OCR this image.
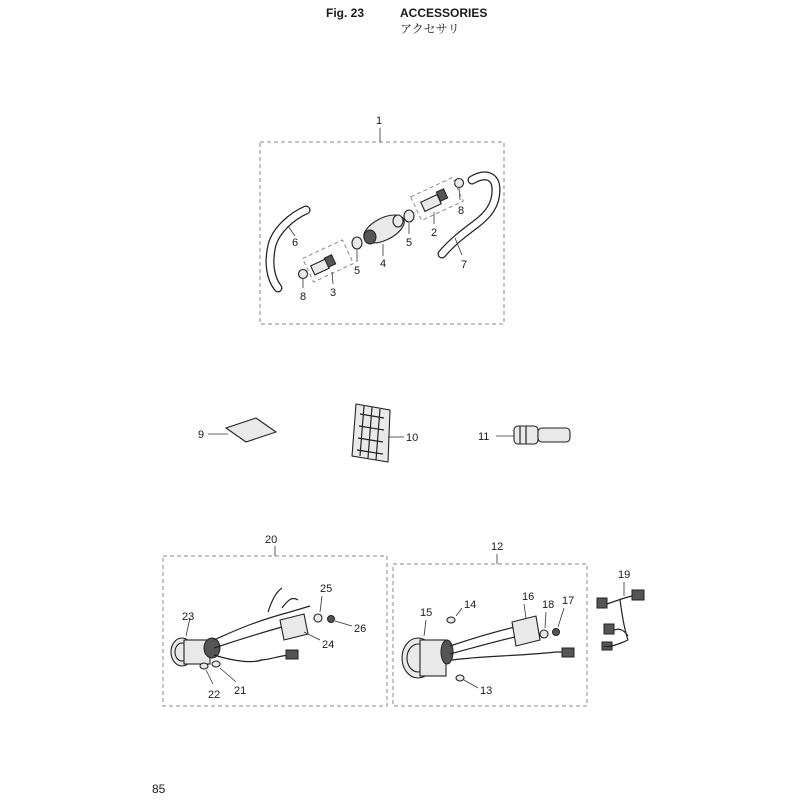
Fig. 23	ACCESSORIES
アクセサリ
85
1
6
7
8
8
3
5
5
4
2
9	10	11
20
23
24
25
26
22 21
12
15
16
18 17
14
13
19
